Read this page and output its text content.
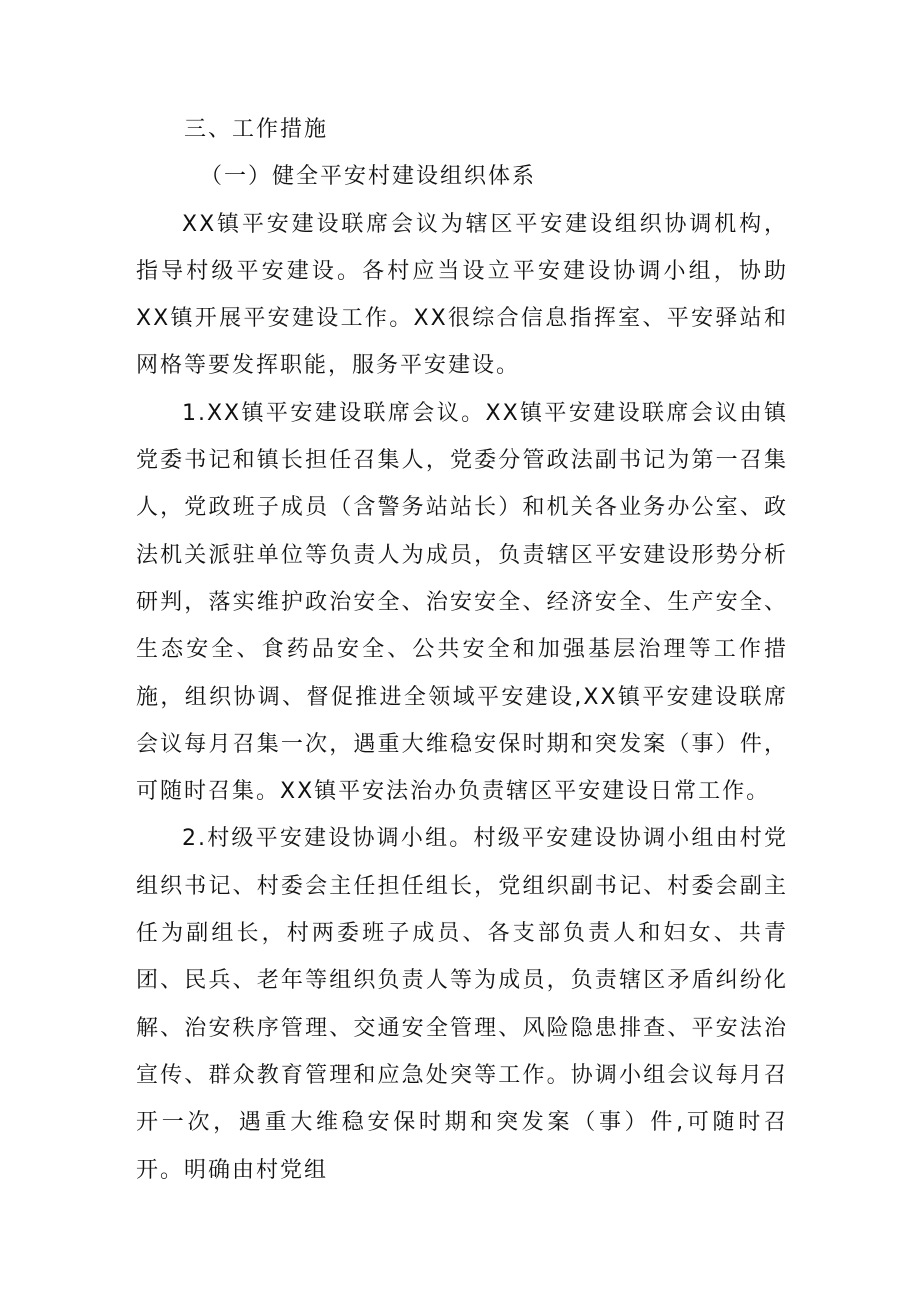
三、工作措施

（一）健全平安村建设组织体系

XX镇平安建设联席会议为辖区平安建设组织协调机构，指导村级平安建设。各村应当设立平安建设协调小组，协助XX镇开展平安建设工作。XX很综合信息指挥室、平安驿站和网格等要发挥职能，服务平安建设。

1.XX镇平安建设联席会议。XX镇平安建设联席会议由镇党委书记和镇长担任召集人，党委分管政法副书记为第一召集人，党政班子成员（含警务站站长）和机关各业务办公室、政法机关派驻单位等负责人为成员，负责辖区平安建设形势分析研判，落实维护政治安全、治安安全、经济安全、生产安全、生态安全、食药品安全、公共安全和加强基层治理等工作措施，组织协调、督促推进全领域平安建设,XX镇平安建设联席会议每月召集一次，遇重大维稳安保时期和突发案（事）件，可随时召集。XX镇平安法治办负责辖区平安建设日常工作。

2.村级平安建设协调小组。村级平安建设协调小组由村党组织书记、村委会主任担任组长，党组织副书记、村委会副主任为副组长，村两委班子成员、各支部负责人和妇女、共青团、民兵、老年等组织负责人等为成员，负责辖区矛盾纠纷化解、治安秩序管理、交通安全管理、风险隐患排查、平安法治宣传、群众教育管理和应急处突等工作。协调小组会议每月召开一次，遇重大维稳安保时期和突发案（事）件,可随时召开。明确由村党组
